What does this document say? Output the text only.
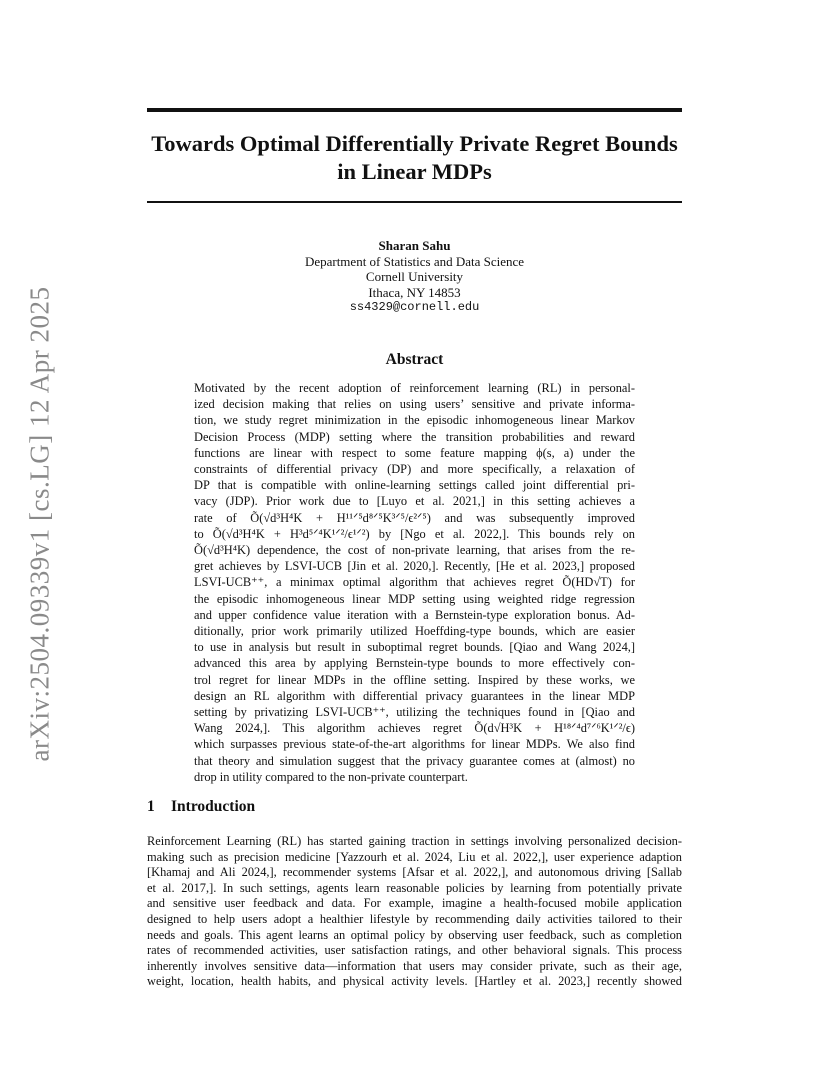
arXiv:2504.09339v1 [cs.LG] 12 Apr 2025
Towards Optimal Differentially Private Regret Bounds
in Linear MDPs
Sharan Sahu
Department of Statistics and Data Science
Cornell University
Ithaca, NY 14853
ss4329@cornell.edu
Abstract

Motivated by the recent adoption of reinforcement learning (RL) in personal-
ized decision making that relies on using users’ sensitive and private informa-
tion, we study regret minimization in the episodic inhomogeneous linear Markov
Decision Process (MDP) setting where the transition probabilities and reward
functions are linear with respect to some feature mapping ϕ(s, a) under the
constraints of differential privacy (DP) and more specifically, a relaxation of
DP that is compatible with online-learning settings called joint differential pri-
vacy (JDP). Prior work due to [Luyo et al. 2021,] in this setting achieves a
rate of Õ(√d³H⁴K + H¹¹ᐟ⁵d⁸ᐟ⁵K³ᐟ⁵/ϵ²ᐟ⁵) and was subsequently improved
to Õ(√d³H⁴K + H³d⁵ᐟ⁴K¹ᐟ²/ϵ¹ᐟ²) by [Ngo et al. 2022,]. This bounds rely on
Õ(√d³H⁴K) dependence, the cost of non-private learning, that arises from the re-
gret achieves by LSVI-UCB [Jin et al. 2020,]. Recently, [He et al. 2023,] proposed
LSVI-UCB⁺⁺, a minimax optimal algorithm that achieves regret Õ(HD√T) for
the episodic inhomogeneous linear MDP setting using weighted ridge regression
and upper confidence value iteration with a Bernstein-type exploration bonus. Ad-
ditionally, prior work primarily utilized Hoeffding-type bounds, which are easier
to use in analysis but result in suboptimal regret bounds. [Qiao and Wang 2024,]
advanced this area by applying Bernstein-type bounds to more effectively con-
trol regret for linear MDPs in the offline setting. Inspired by these works, we
design an RL algorithm with differential privacy guarantees in the linear MDP
setting by privatizing LSVI-UCB⁺⁺, utilizing the techniques found in [Qiao and
Wang 2024,]. This algorithm achieves regret Õ(d√H³K + H¹⁸ᐟ⁴d⁷ᐟ⁶K¹ᐟ²/ϵ)
which surpasses previous state-of-the-art algorithms for linear MDPs. We also find
that theory and simulation suggest that the privacy guarantee comes at (almost) no
drop in utility compared to the non-private counterpart.

1 Introduction

Reinforcement Learning (RL) has started gaining traction in settings involving personalized decision-
making such as precision medicine [Yazzourh et al. 2024, Liu et al. 2022,], user experience adaption
[Khamaj and Ali 2024,], recommender systems [Afsar et al. 2022,], and autonomous driving [Sallab
et al. 2017,]. In such settings, agents learn reasonable policies by learning from potentially private
and sensitive user feedback and data. For example, imagine a health-focused mobile application
designed to help users adopt a healthier lifestyle by recommending daily activities tailored to their
needs and goals. This agent learns an optimal policy by observing user feedback, such as completion
rates of recommended activities, user satisfaction ratings, and other behavioral signals. This process
inherently involves sensitive data—information that users may consider private, such as their age,
weight, location, health habits, and physical activity levels. [Hartley et al. 2023,] recently showed
